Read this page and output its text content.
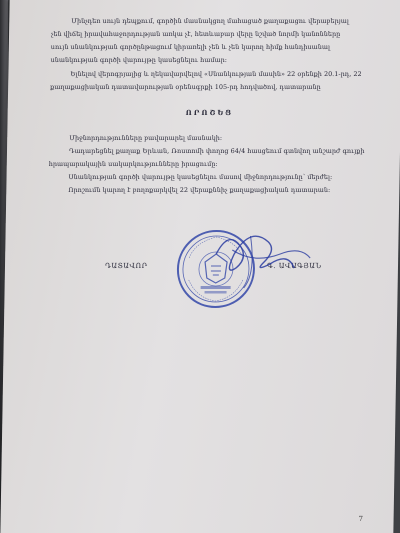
Մինչդեռ սույն դեպքում, գործին մասնակցող մահացած քաղաքացու վերաբերյալ
չեն վիճել իրավահաջորդության առկա չէ, հետևաբար վերը նշված նորմի կանոնները
սույն սնանկության գործընթացում կիրառելի չեն և չեն կարող հիմք հանդիսանալ
սնանկության գործի վարույթը կասեցնելու համար։
Ելնելով վերոգրյալից և ղեկավարվելով «Սնանկության մասին» 22 օրենքի 20.1-րդ, 22
քաղաքացիական դատավարության օրենսգրքի 105-րդ հոդվածով, դատարանը
ՈՐՈՇԵՑ
Միջնորդությունները բավարարել մասնակի։
Դադարեցնել քաղաք Երևան, Ռոստոմի փողոց 64/4 հասցեում գտնվող անշարժ գույքի
հրապարակային սակարկությունները իրացումը։
Սնանկության գործի վարույթը կասեցնելու մասով միջնորդությունը՝ մերժել։
Որոշումն կարող է բողոքարկվել 22 վերաքննիչ քաղաքացիական դատարան։
ԴԱՏԱՎՈՐ	Գ. ԱՎԱԳՅԱՆ
7
